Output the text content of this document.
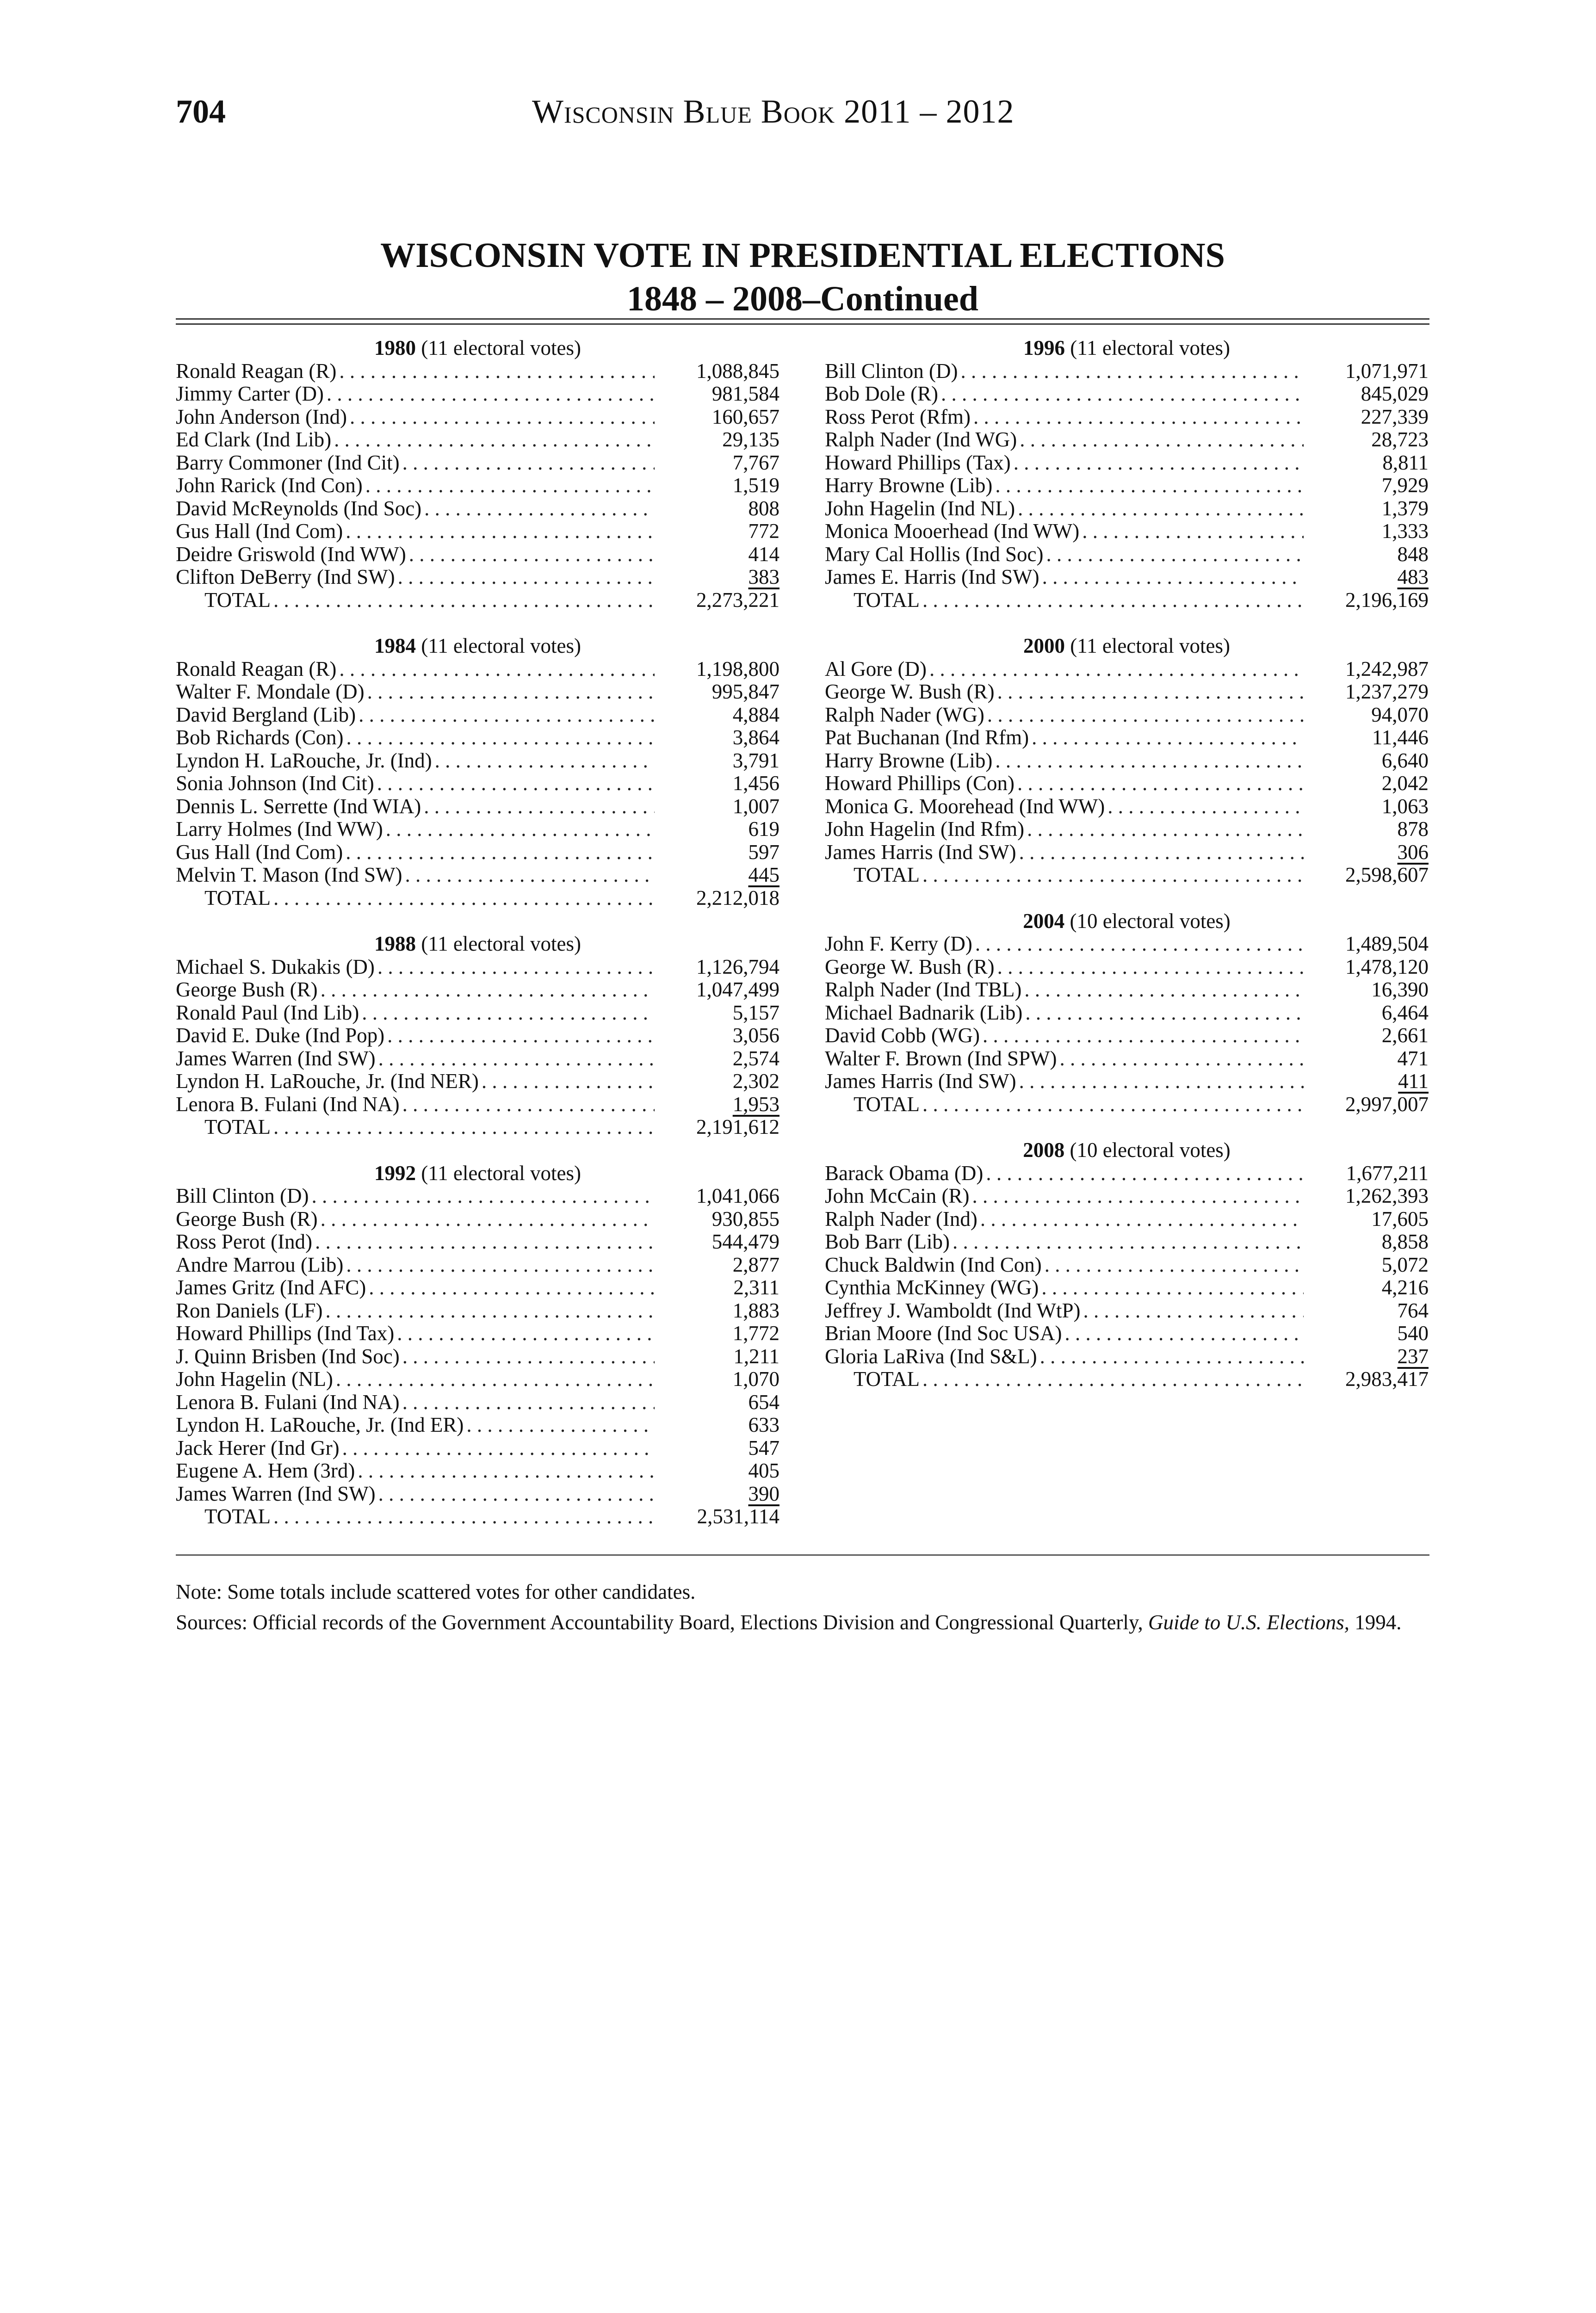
704	Wisconsin Blue Book 2011 – 2012
WISCONSIN VOTE IN PRESIDENTIAL ELECTIONS
1848 – 2008–Continued
1980 (11 electoral votes)
Ronald Reagan (R) . . .	1,088,845
Jimmy Carter (D) . . .	981,584
John Anderson (Ind) . . .	160,657
Ed Clark (Ind Lib) . . .	29,135
Barry Commoner (Ind Cit) . . .	7,767
John Rarick (Ind Con) . . .	1,519
David McReynolds (Ind Soc) . . .	808
Gus Hall (Ind Com) . . .	772
Deidre Griswold (Ind WW) . . .	414
Clifton DeBerry (Ind SW) . . .	383
TOTAL . . .	2,273,221
1984 (11 electoral votes)
Ronald Reagan (R) . . .	1,198,800
Walter F. Mondale (D) . . .	995,847
David Bergland (Lib) . . .	4,884
Bob Richards (Con) . . .	3,864
Lyndon H. LaRouche, Jr. (Ind) . . .	3,791
Sonia Johnson (Ind Cit) . . .	1,456
Dennis L. Serrette (Ind WIA) . . .	1,007
Larry Holmes (Ind WW) . . .	619
Gus Hall (Ind Com) . . .	597
Melvin T. Mason (Ind SW) . . .	445
TOTAL . . .	2,212,018
1988 (11 electoral votes)
Michael S. Dukakis (D) . . .	1,126,794
George Bush (R) . . .	1,047,499
Ronald Paul (Ind Lib) . . .	5,157
David E. Duke (Ind Pop) . . .	3,056
James Warren (Ind SW) . . .	2,574
Lyndon H. LaRouche, Jr. (Ind NER) . . .	2,302
Lenora B. Fulani (Ind NA) . . .	1,953
TOTAL . . .	2,191,612
1992 (11 electoral votes)
Bill Clinton (D) . . .	1,041,066
George Bush (R) . . .	930,855
Ross Perot (Ind) . . .	544,479
Andre Marrou (Lib) . . .	2,877
James Gritz (Ind AFC) . . .	2,311
Ron Daniels (LF) . . .	1,883
Howard Phillips (Ind Tax) . . .	1,772
J. Quinn Brisben (Ind Soc) . . .	1,211
John Hagelin (NL) . . .	1,070
Lenora B. Fulani (Ind NA) . . .	654
Lyndon H. LaRouche, Jr. (Ind ER) . . .	633
Jack Herer (Ind Gr) . . .	547
Eugene A. Hem (3rd) . . .	405
James Warren (Ind SW) . . .	390
TOTAL . . .	2,531,114
1996 (11 electoral votes)
Bill Clinton (D) . . .	1,071,971
Bob Dole (R) . . .	845,029
Ross Perot (Rfm) . . .	227,339
Ralph Nader (Ind WG) . . .	28,723
Howard Phillips (Tax) . . .	8,811
Harry Browne (Lib) . . .	7,929
John Hagelin (Ind NL) . . .	1,379
Monica Mooerhead (Ind WW) . . .	1,333
Mary Cal Hollis (Ind Soc) . . .	848
James E. Harris (Ind SW) . . .	483
TOTAL . . .	2,196,169
2000 (11 electoral votes)
Al Gore (D) . . .	1,242,987
George W. Bush (R) . . .	1,237,279
Ralph Nader (WG) . . .	94,070
Pat Buchanan (Ind Rfm) . . .	11,446
Harry Browne (Lib) . . .	6,640
Howard Phillips (Con) . . .	2,042
Monica G. Moorehead (Ind WW) . . .	1,063
John Hagelin (Ind Rfm) . . .	878
James Harris (Ind SW) . . .	306
TOTAL . . .	2,598,607
2004 (10 electoral votes)
John F. Kerry (D) . . .	1,489,504
George W. Bush (R) . . .	1,478,120
Ralph Nader (Ind TBL) . . .	16,390
Michael Badnarik (Lib) . . .	6,464
David Cobb (WG) . . .	2,661
Walter F. Brown (Ind SPW) . . .	471
James Harris (Ind SW) . . .	411
TOTAL . . .	2,997,007
2008 (10 electoral votes)
Barack Obama (D) . . .	1,677,211
John McCain (R) . . .	1,262,393
Ralph Nader (Ind) . . .	17,605
Bob Barr (Lib) . . .	8,858
Chuck Baldwin (Ind Con) . . .	5,072
Cynthia McKinney (WG) . . .	4,216
Jeffrey J. Wamboldt (Ind WtP) . . .	764
Brian Moore (Ind Soc USA) . . .	540
Gloria LaRiva (Ind S&L) . . .	237
TOTAL . . .	2,983,417

Note: Some totals include scattered votes for other candidates.

Sources: Official records of the Government Accountability Board, Elections Division and Congressional Quarterly, Guide to U.S. Elections, 1994.
